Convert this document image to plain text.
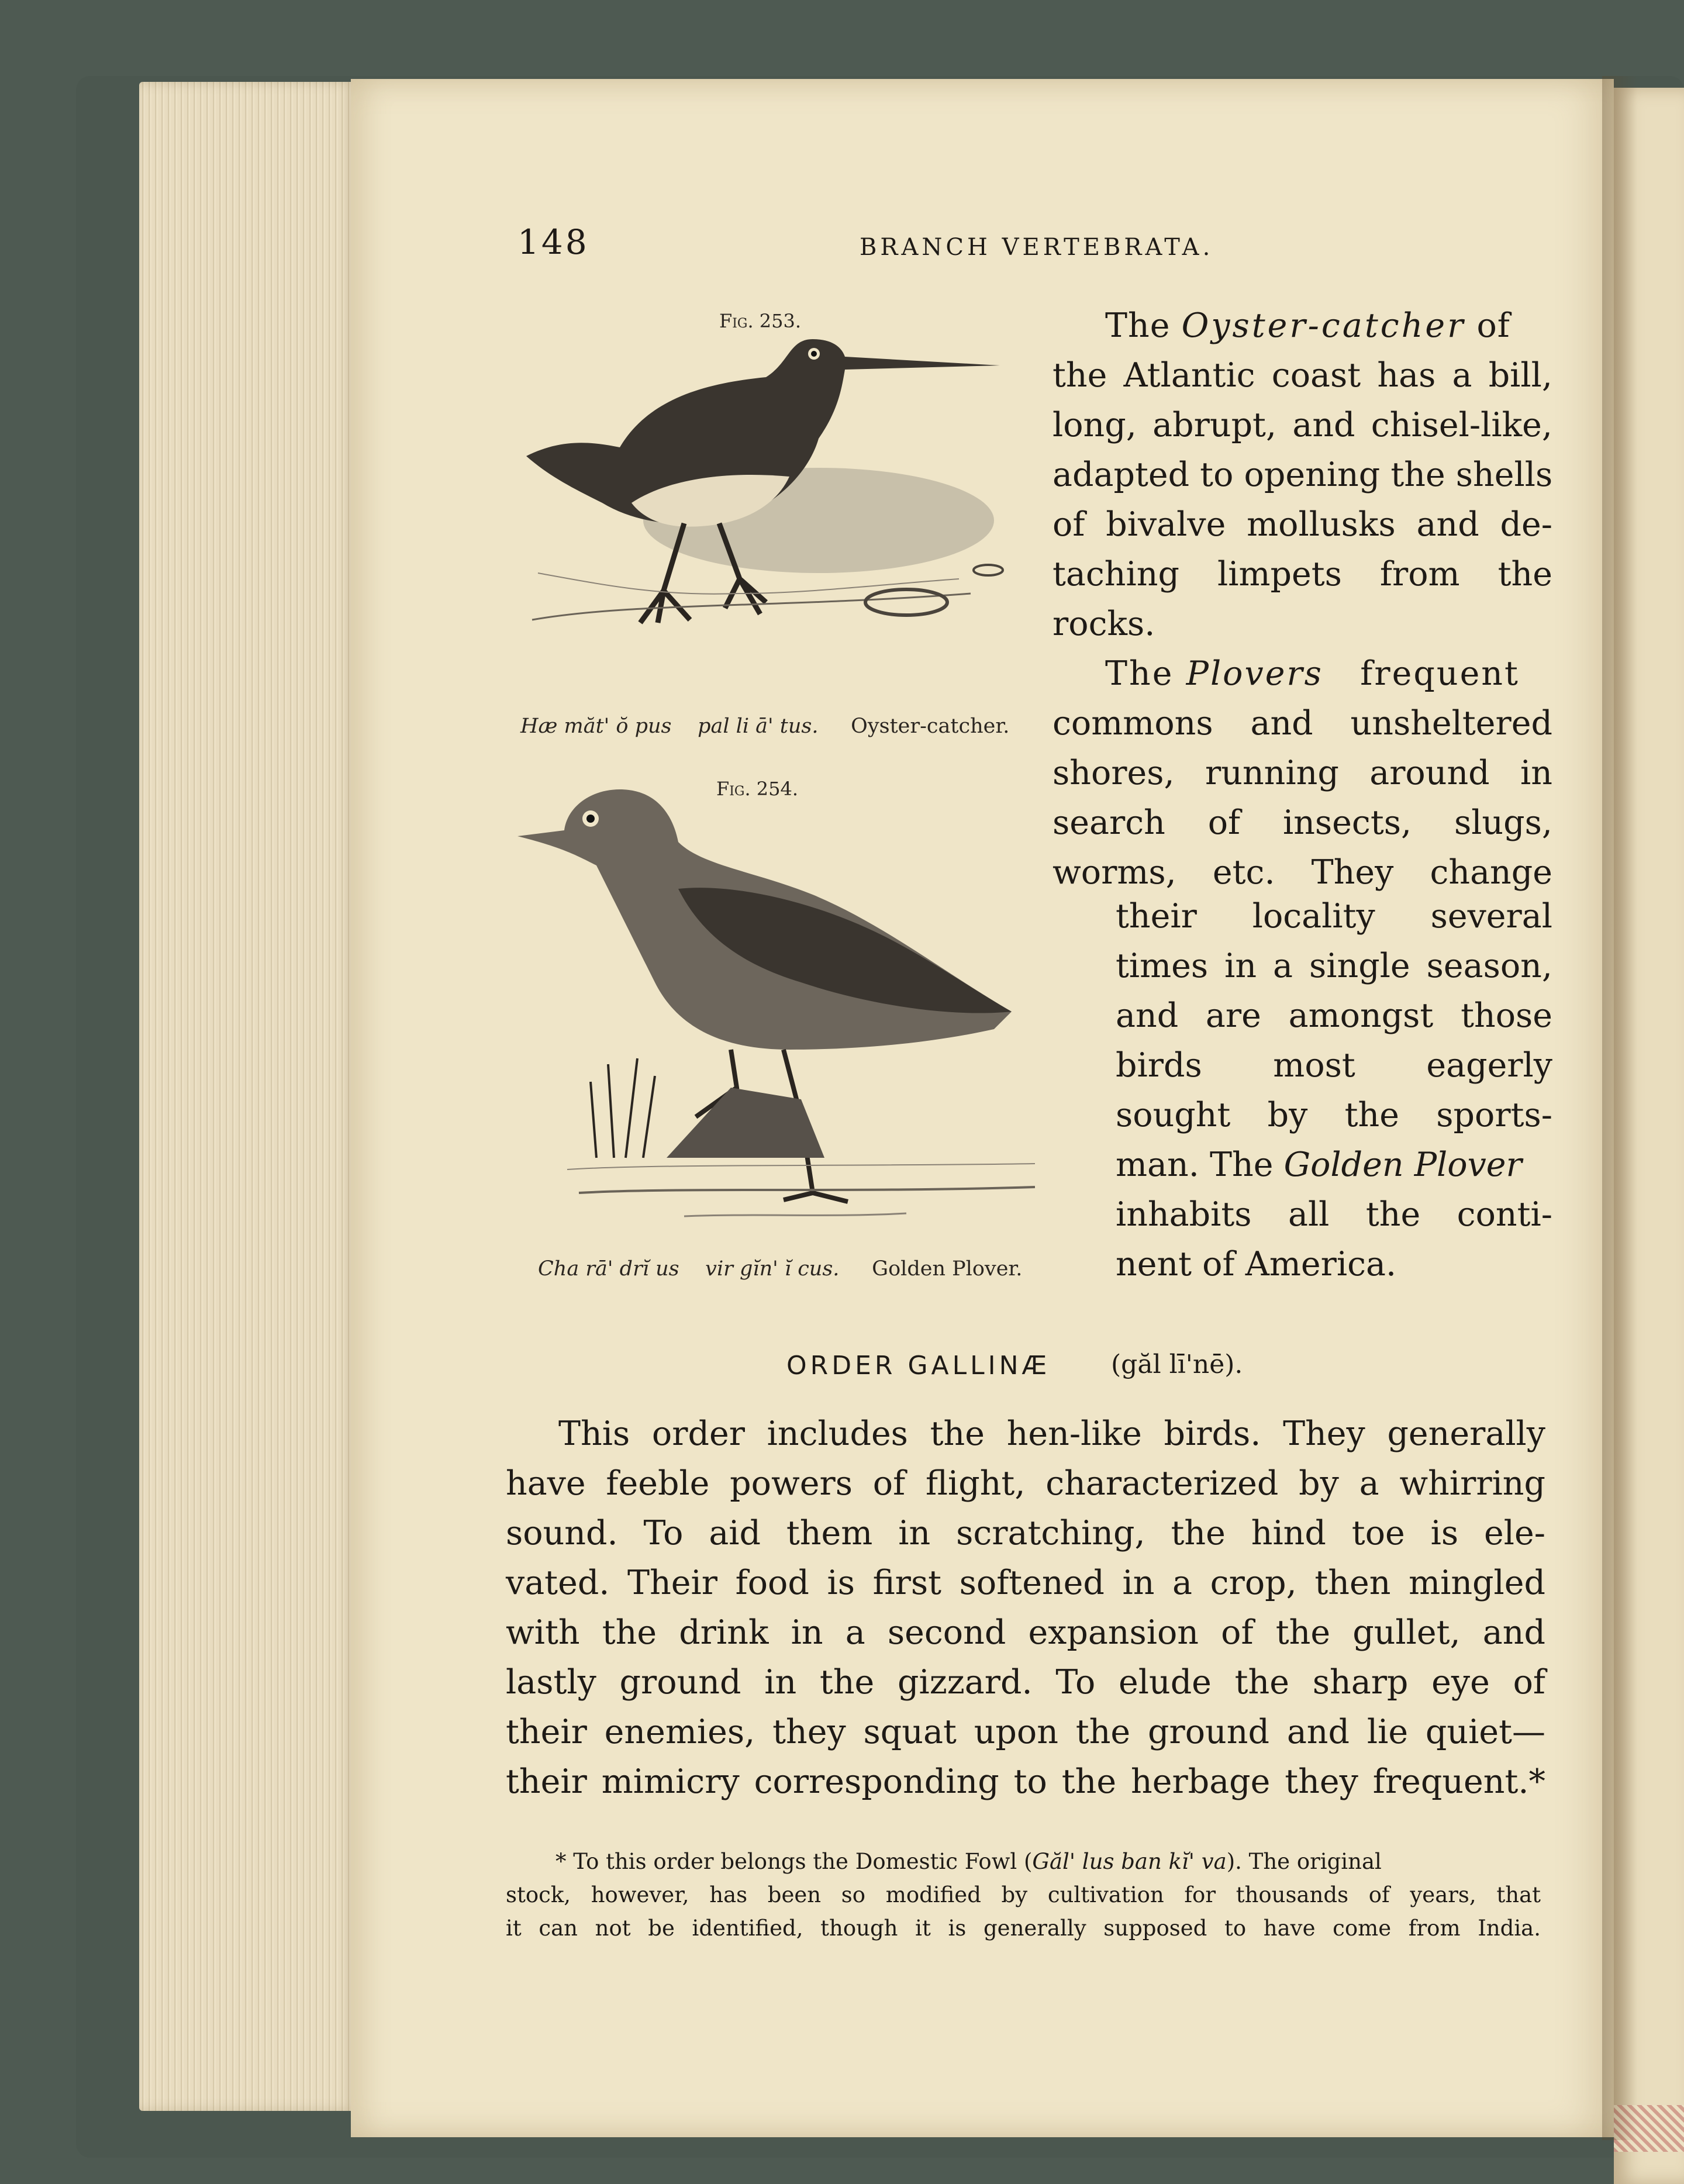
148	BRANCH VERTEBRATA.
Fig. 253.
Hæ măt' ŏ pus pal li ā' tus. Oyster-catcher.
Fig. 254.
Cha rā' drĭ us vir gĭn' ĭ cus. Golden Plover.
The Oyster-catcher of
the Atlantic coast has a bill,
long, abrupt, and chisel-like,
adapted to opening the shells
of bivalve mollusks and de-
taching limpets from the
rocks.
The Plovers frequent
commons and unsheltered
shores, running around in
search of insects, slugs,
worms, etc. They change
their locality several
times in a single season,
and are amongst those
birds most eagerly
sought by the sports-
man. The Golden Plover
inhabits all the conti-
nent of America.
ORDER GALLINÆ (găl lī'nē).
This order includes the hen-like birds. They generally
have feeble powers of flight, characterized by a whirring
sound. To aid them in scratching, the hind toe is ele-
vated. Their food is first softened in a crop, then mingled
with the drink in a second expansion of the gullet, and
lastly ground in the gizzard. To elude the sharp eye of
their enemies, they squat upon the ground and lie quiet—
their mimicry corresponding to the herbage they frequent.*
* To this order belongs the Domestic Fowl (Găl' lus ban kĭ' va). The original
stock, however, has been so modified by cultivation for thousands of years, that
it can not be identified, though it is generally supposed to have come from India.
